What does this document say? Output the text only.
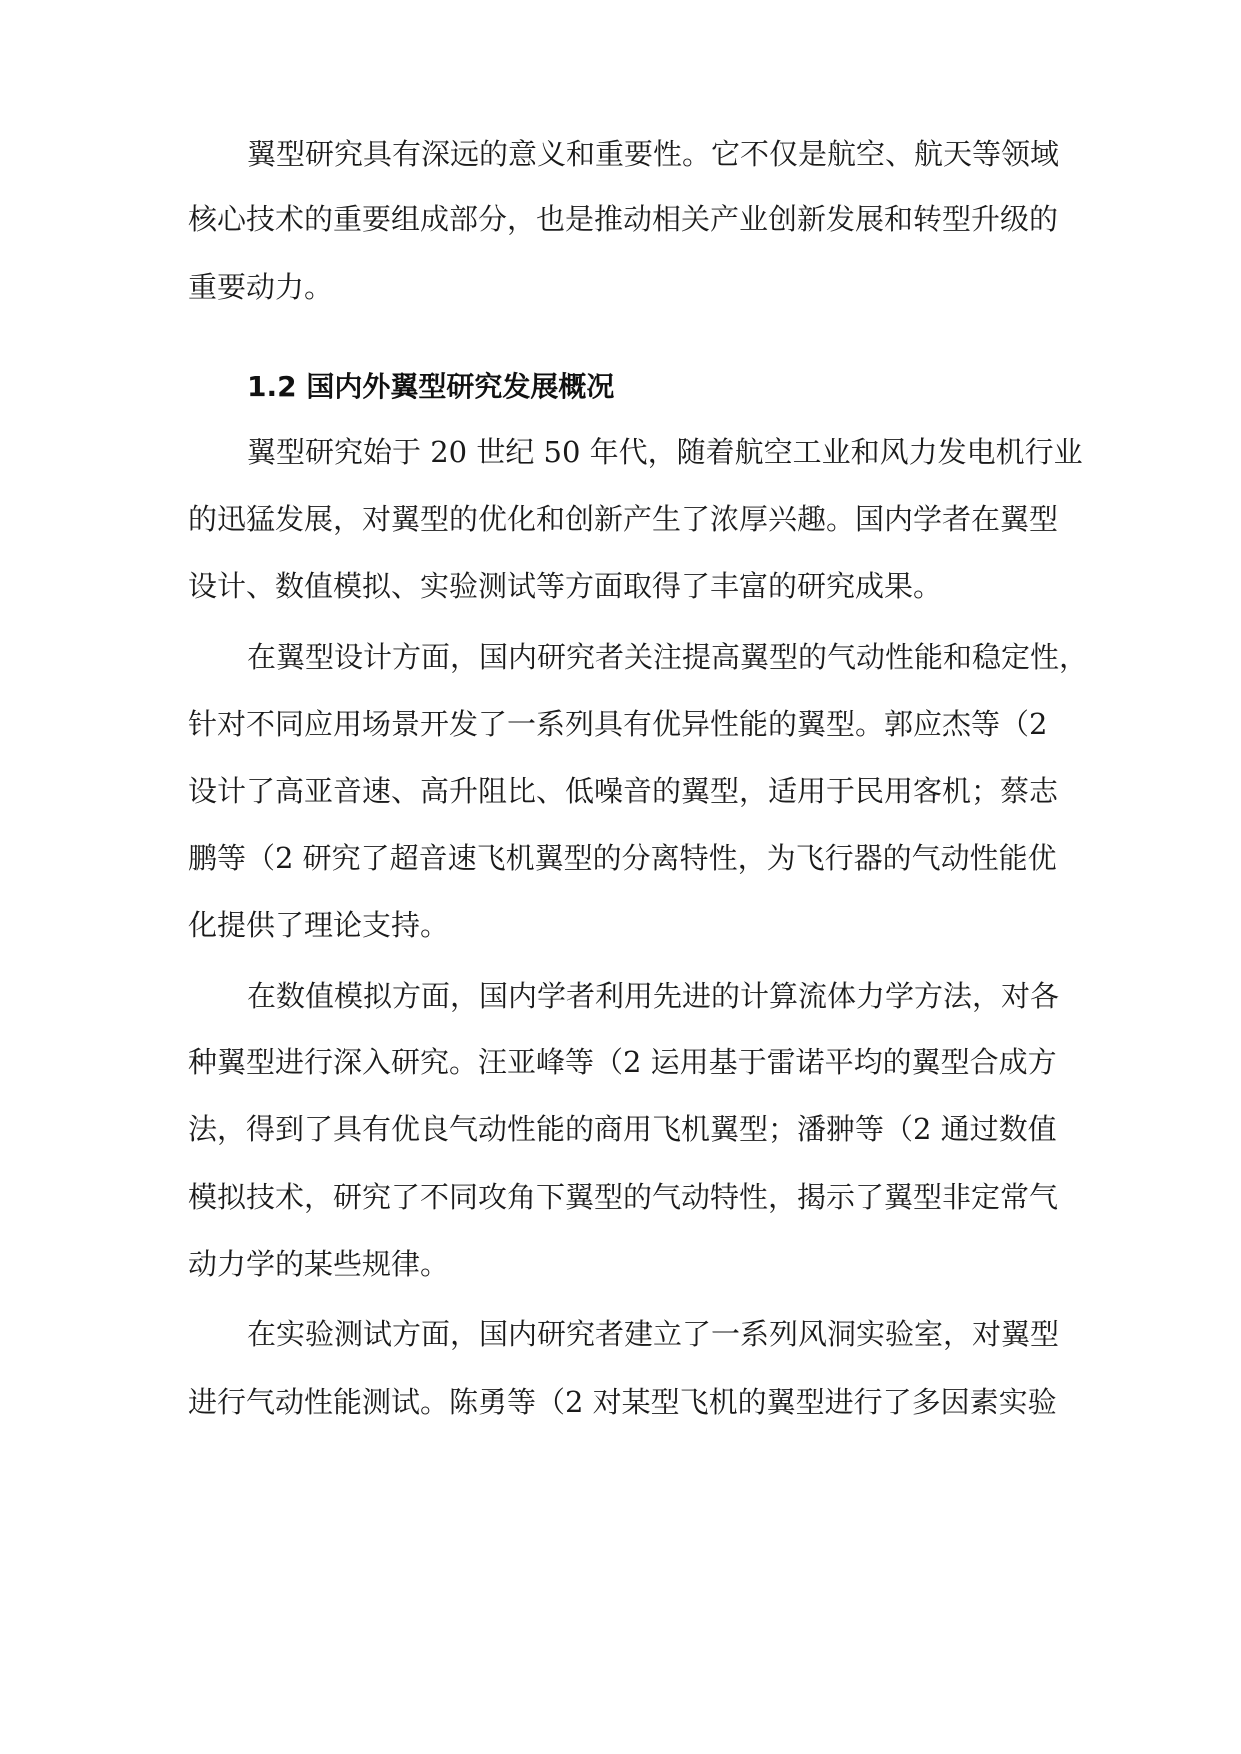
翼型研究具有深远的意义和重要性。它不仅是航空、航天等领域
核心技术的重要组成部分，也是推动相关产业创新发展和转型升级的
重要动力。
1.2 国内外翼型研究发展概况
翼型研究始于 20 世纪 50 年代，随着航空工业和风力发电机行业
的迅猛发展，对翼型的优化和创新产生了浓厚兴趣。国内学者在翼型
设计、数值模拟、实验测试等方面取得了丰富的研究成果。
在翼型设计方面，国内研究者关注提高翼型的气动性能和稳定性，
针对不同应用场景开发了一系列具有优异性能的翼型。郭应杰等（2
设计了高亚音速、高升阻比、低噪音的翼型，适用于民用客机；蔡志
鹏等（2 研究了超音速飞机翼型的分离特性，为飞行器的气动性能优
化提供了理论支持。
在数值模拟方面，国内学者利用先进的计算流体力学方法，对各
种翼型进行深入研究。汪亚峰等（2 运用基于雷诺平均的翼型合成方
法，得到了具有优良气动性能的商用飞机翼型；潘翀等（2 通过数值
模拟技术，研究了不同攻角下翼型的气动特性，揭示了翼型非定常气
动力学的某些规律。
在实验测试方面，国内研究者建立了一系列风洞实验室，对翼型
进行气动性能测试。陈勇等（2 对某型飞机的翼型进行了多因素实验
